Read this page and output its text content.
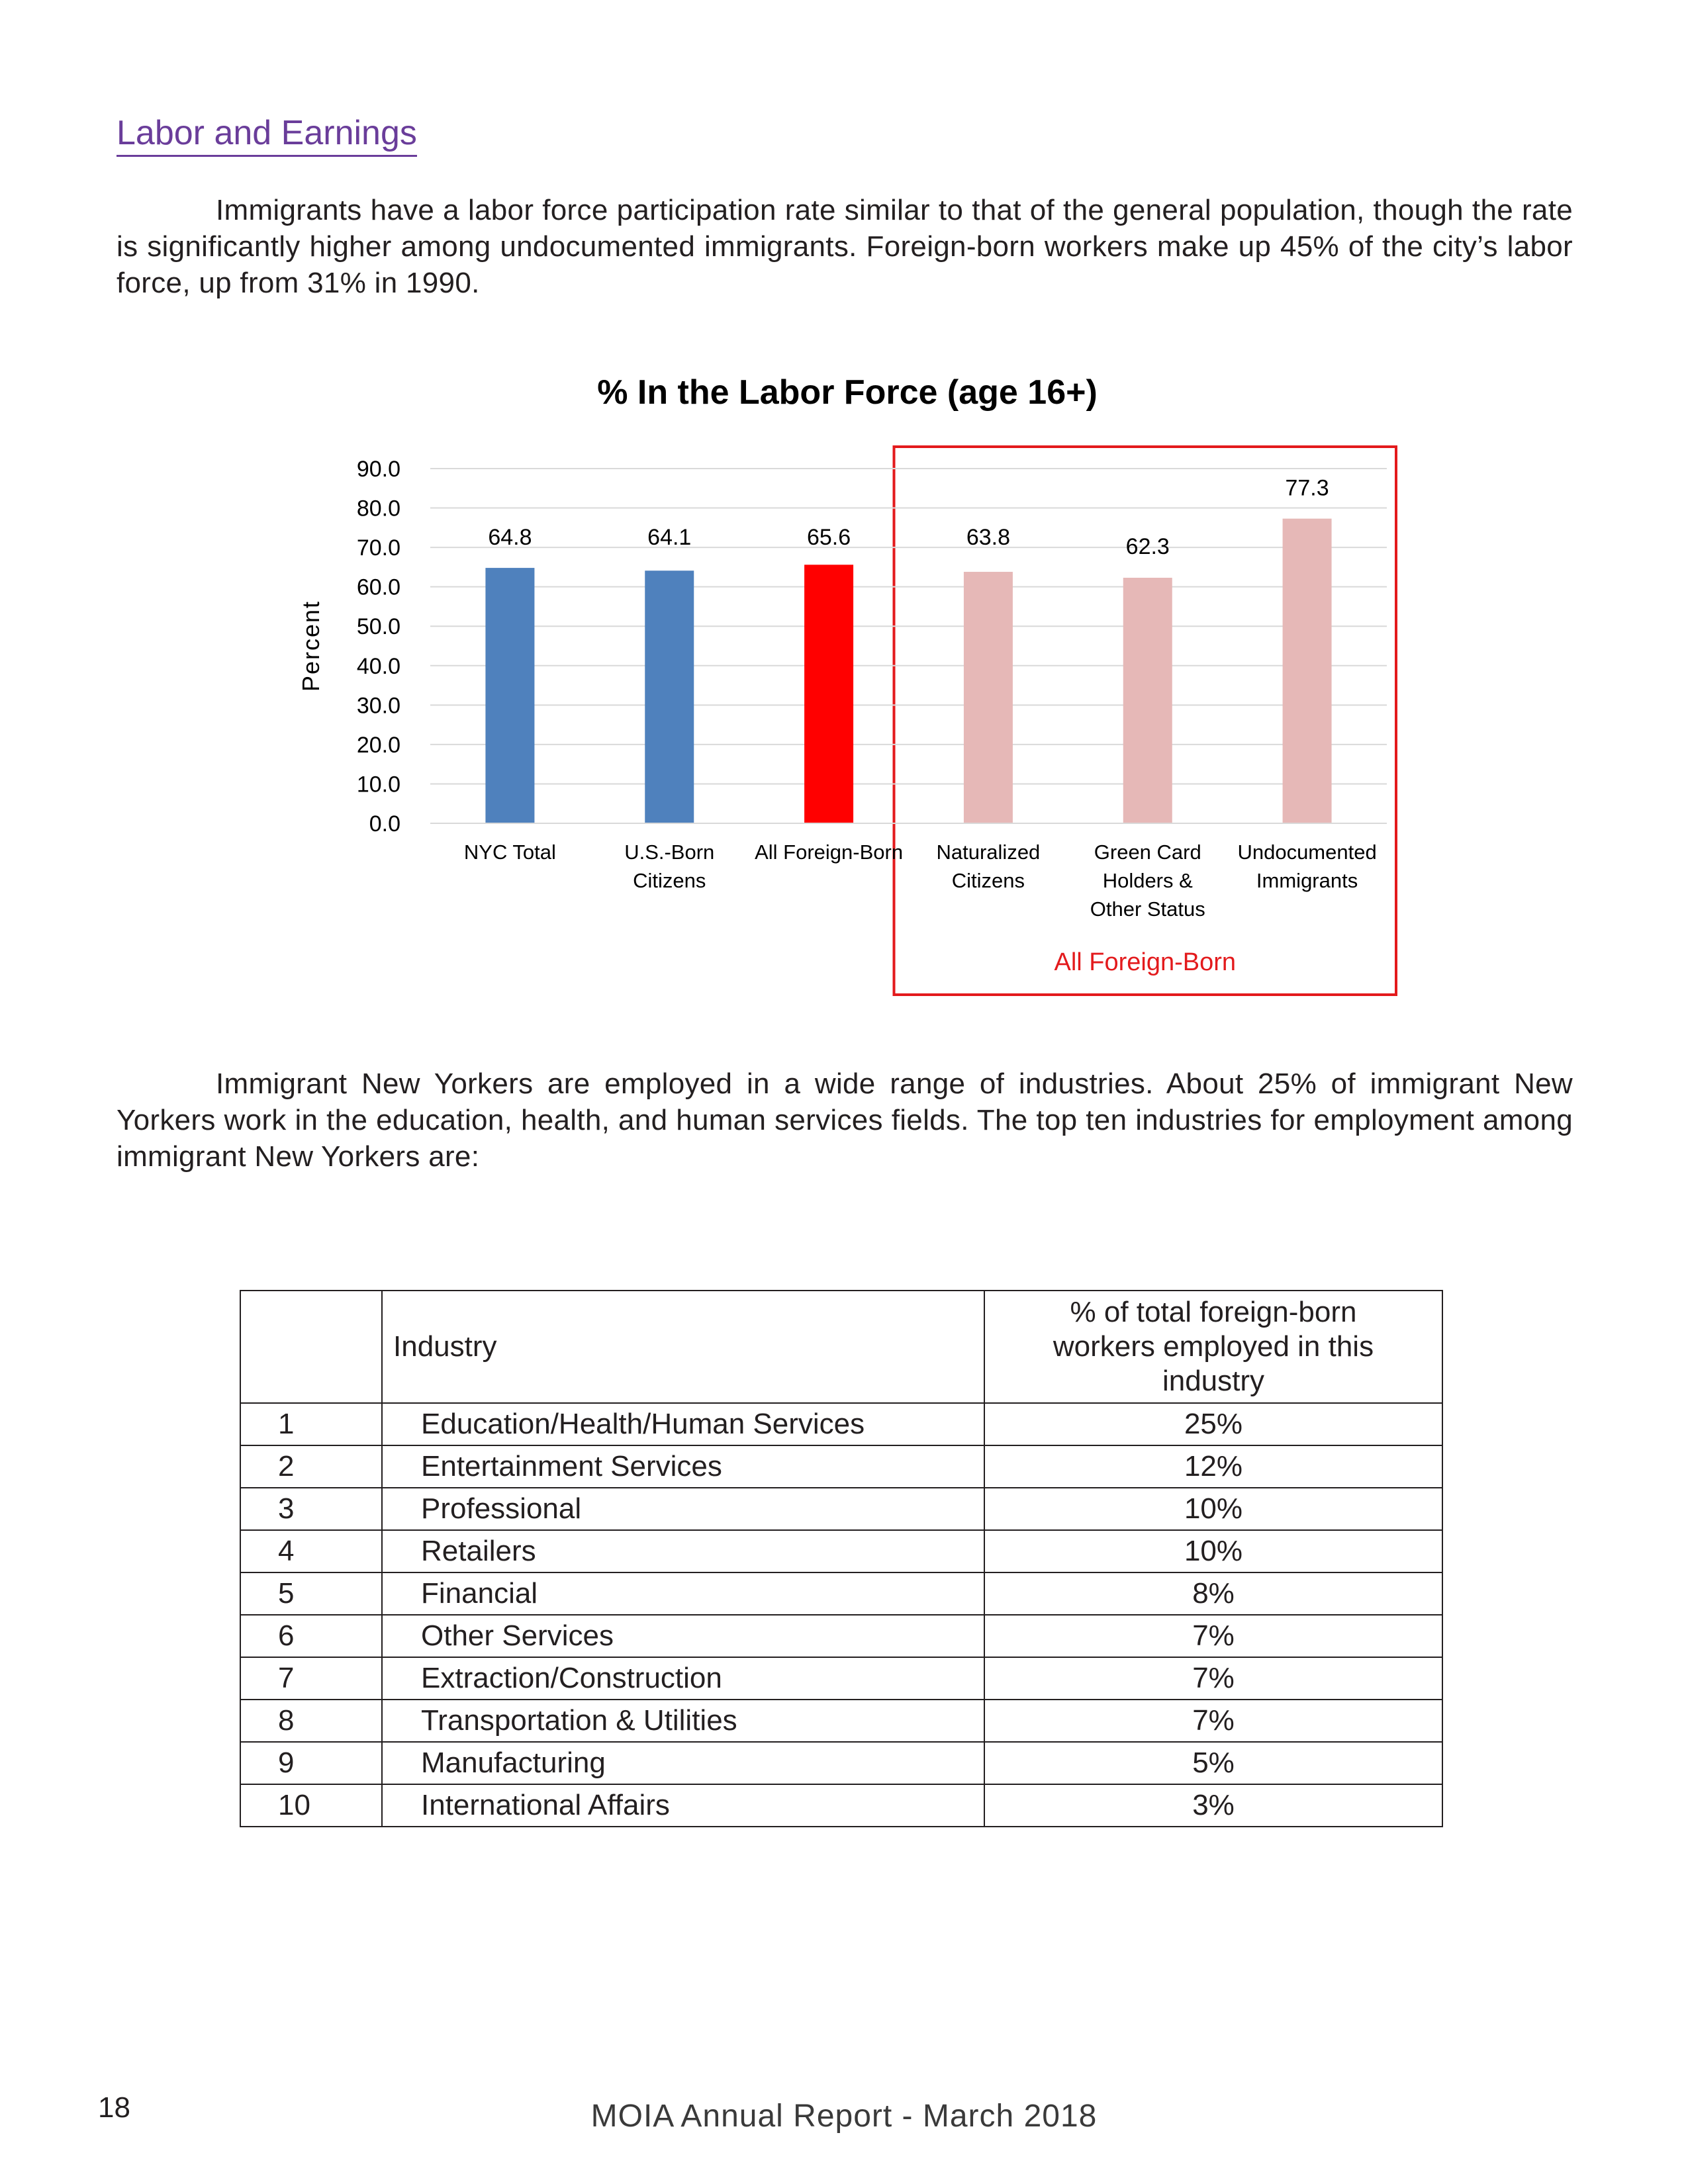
Labor and Earnings

Immigrants have a labor force participation rate similar to that of the general population, though the rate is significantly higher among undocumented immigrants. Foreign-born workers make up 45% of the city’s labor force, up from 31% in 1990.

% In the Labor Force (age 16+)
All Foreign-Born
0.0
10.0
20.0
30.0
40.0
50.0
60.0
70.0
80.0
90.0
Percent
64.8
NYC Total
64.1
U.S.-Born
Citizens
65.6
All Foreign-Born
63.8
Naturalized
Citizens
62.3
Green Card
Holders &
Other Status
77.3
Undocumented
Immigrants

Immigrant New Yorkers are employed in a wide range of industries. About 25% of immigrant New Yorkers work in the education, health, and human services fields. The top ten industries for employment among immigrant New Yorkers are:

	Industry	% of total foreign-born workers employed in this industry
1	Education/Health/Human Services	25%
2	Entertainment Services	12%
3	Professional	10%
4	Retailers	10%
5	Financial	8%
6	Other Services	7%
7	Extraction/Construction	7%
8	Transportation & Utilities	7%
9	Manufacturing	5%
10	International Affairs	3%
18	MOIA Annual Report - March 2018
